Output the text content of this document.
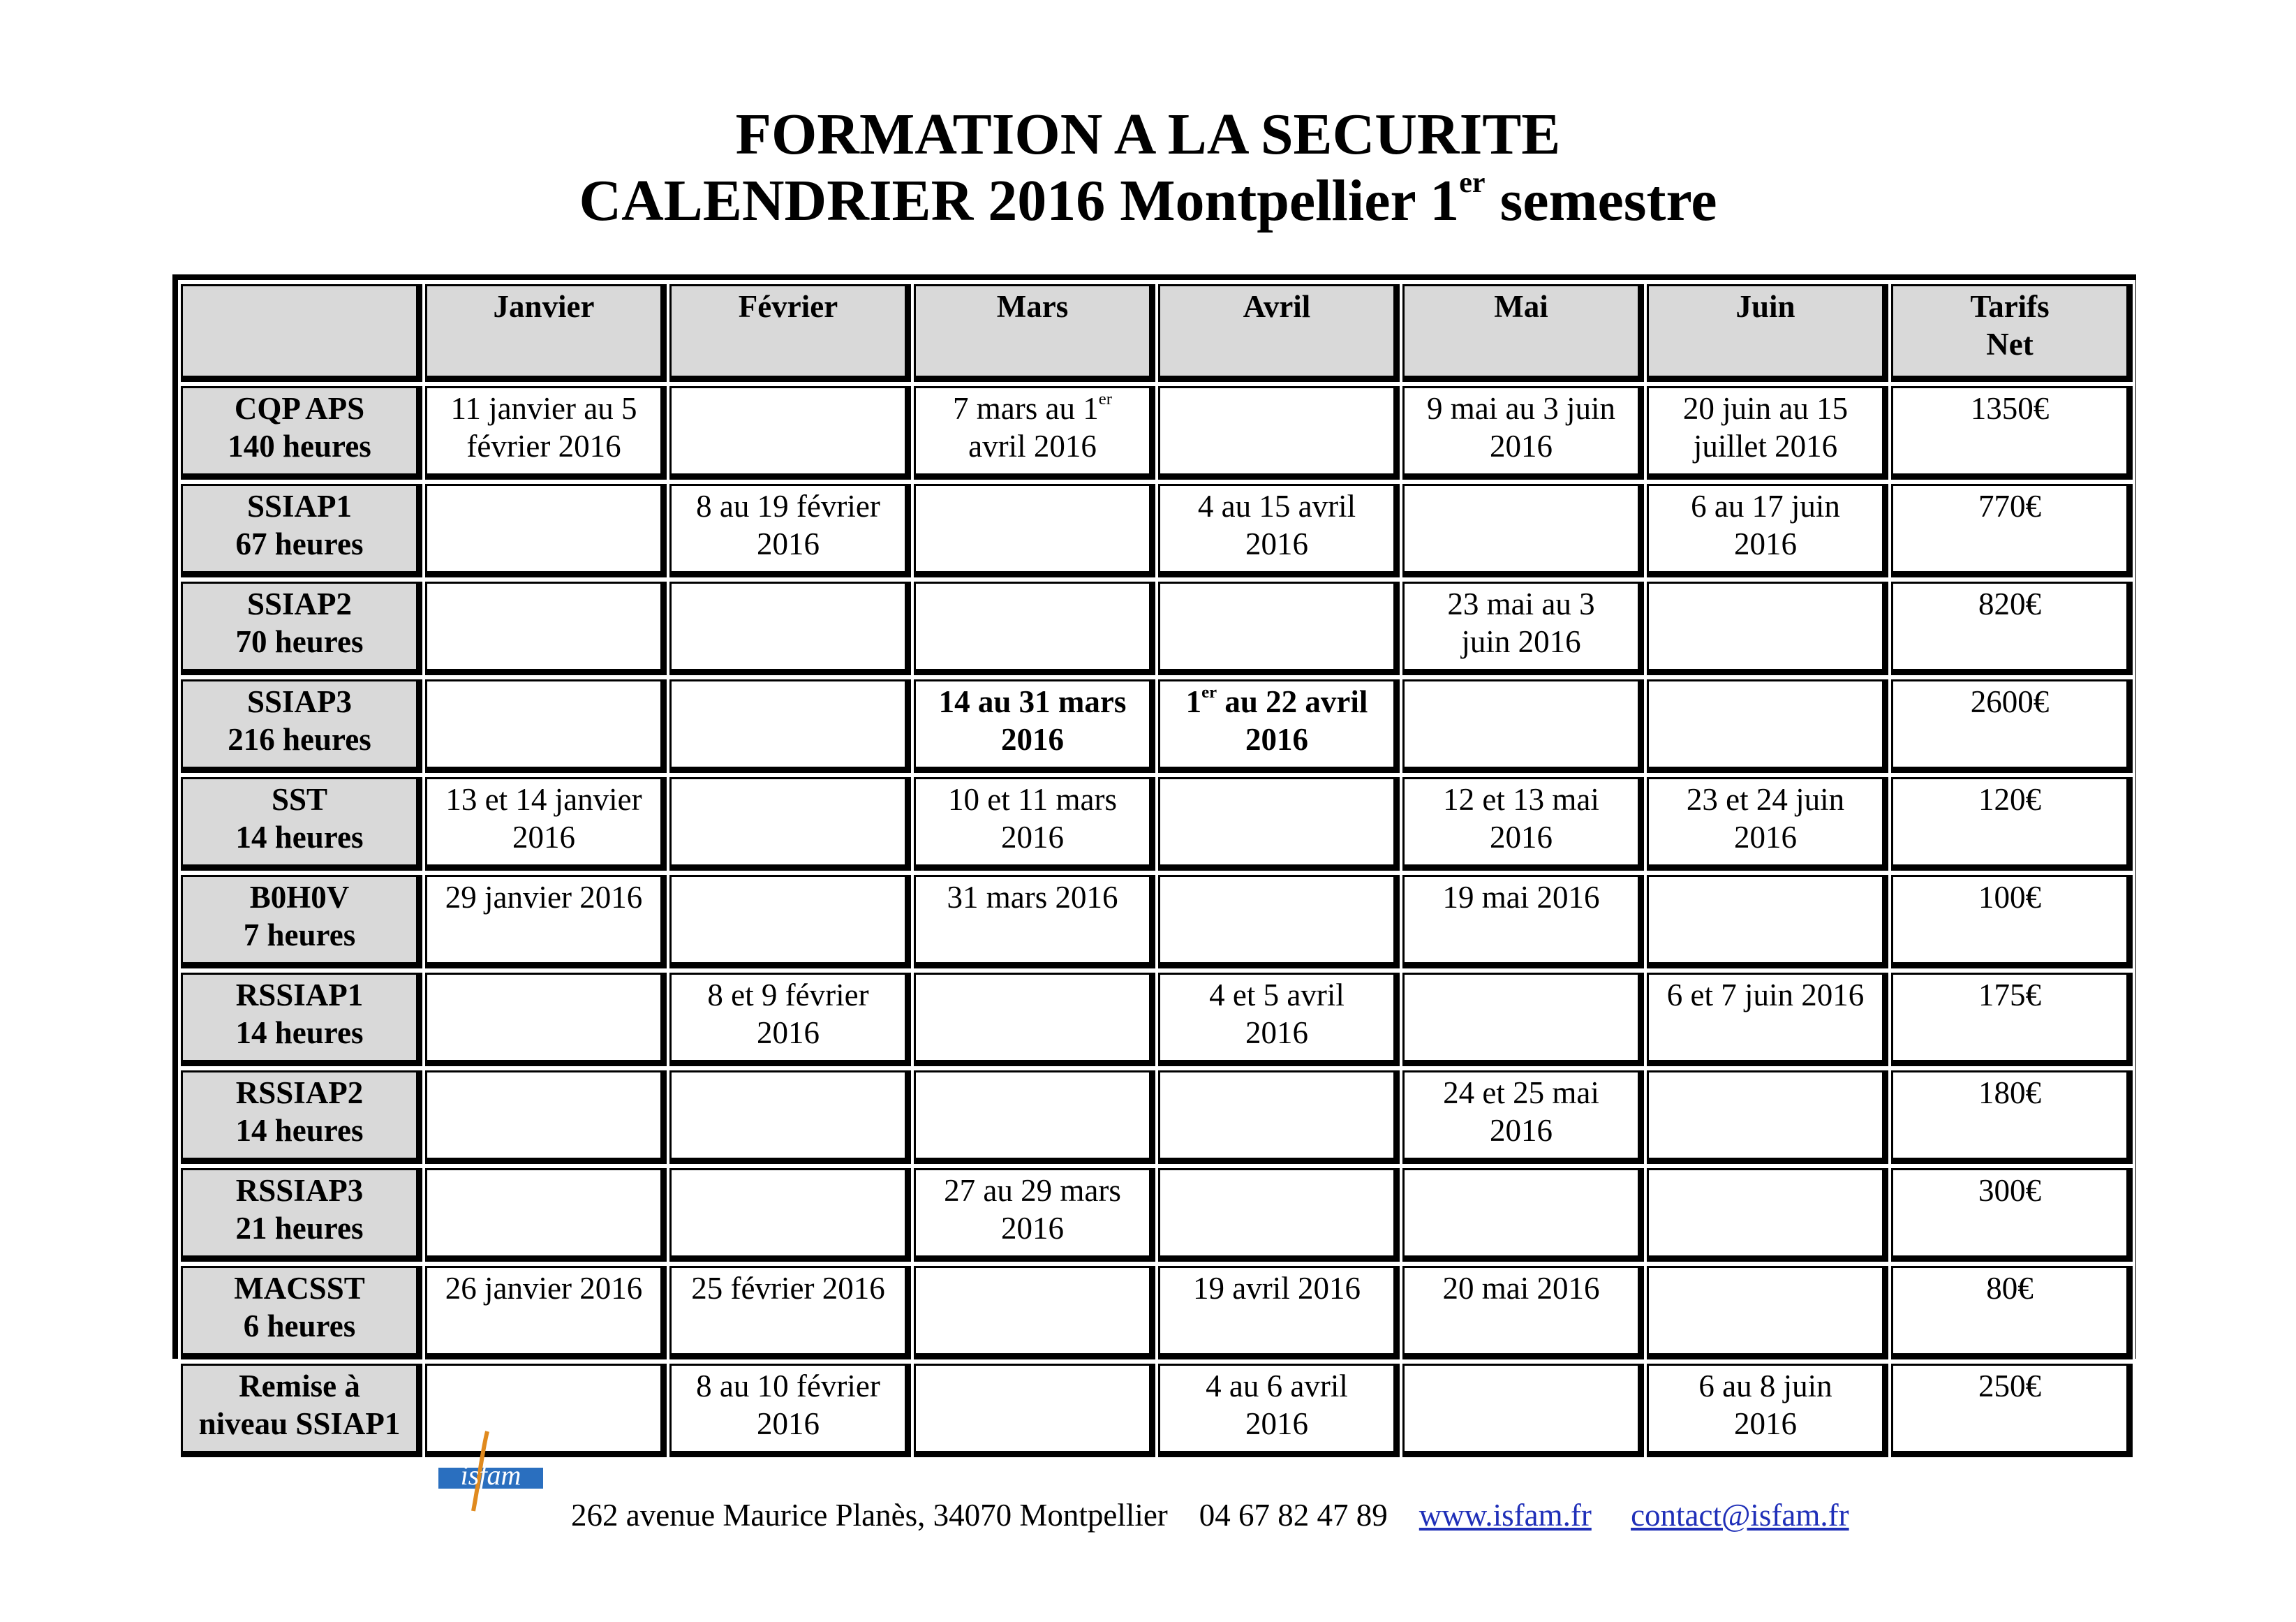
FORMATION A LA SECURITE
CALENDRIER 2016 Montpellier 1er semestre

	Janvier	Février	Mars	Avril	Mai	Juin	Tarifs
Net

CQP APS
140 heures	11 janvier au 5
février 2016		7 mars au 1er
avril 2016		9 mai au 3 juin
2016	20 juin au 15
juillet 2016	1350€

SSIAP1
67 heures		8 au 19 février
2016		4 au 15 avril
2016		6 au 17 juin
2016	770€

SSIAP2
70 heures					23 mai au 3
juin 2016		820€

SSIAP3
216 heures			14 au 31 mars
2016	1er au 22 avril
2016			2600€

SST
14 heures	13 et 14 janvier
2016		10 et 11 mars
2016		12 et 13 mai
2016	23 et 24 juin
2016	120€

B0H0V
7 heures	29 janvier 2016		31 mars 2016		19 mai 2016		100€

RSSIAP1
14 heures		8 et 9 février
2016		4 et 5 avril
2016		6 et 7 juin 2016	175€

RSSIAP2
14 heures					24 et 25 mai
2016		180€

RSSIAP3
21 heures			27 au 29 mars
2016				300€

MACSST
6 heures	26 janvier 2016	25 février 2016		19 avril 2016	20 mai 2016		80€

Remise à
niveau SSIAP1		8 au 10 février
2016		4 au 6 avril
2016		6 au 8 juin
2016	250€
isfam
262 avenue Maurice Planès, 34070 Montpellier 04 67 82 47 89 www.isfam.fr contact@isfam.fr
